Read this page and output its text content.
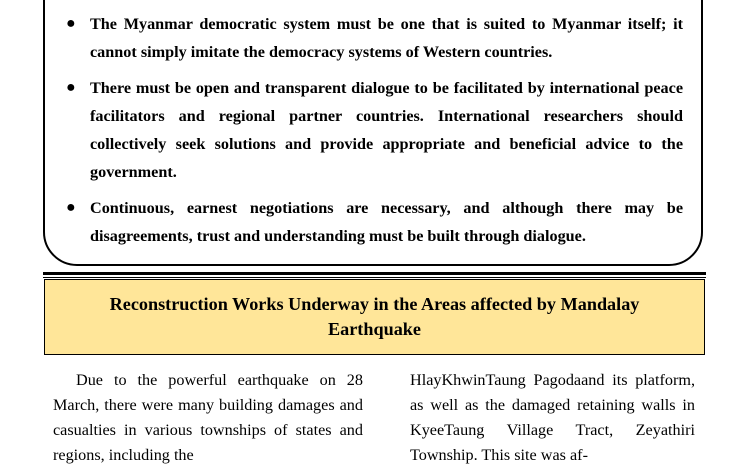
● The Myanmar democratic system must be one that is suited to Myanmar itself; it cannot simply imitate the democracy systems of Western countries.
● There must be open and transparent dialogue to be facilitated by international peace facilitators and regional partner countries. International researchers should collectively seek solutions and provide appropriate and beneficial advice to the government.
● Continuous, earnest negotiations are necessary, and although there may be disagreements, trust and understanding must be built through dialogue.
Reconstruction Works Underway in the Areas affected by Mandalay Earthquake
Due to the powerful earthquake on 28 March, there were many building damages and casualties in various townships of states and regions, including the
HlayKhwinTaung Pagodaand its platform, as well as the damaged retaining walls in KyeeTaung Village Tract, Zeyathiri Township. This site was af-
